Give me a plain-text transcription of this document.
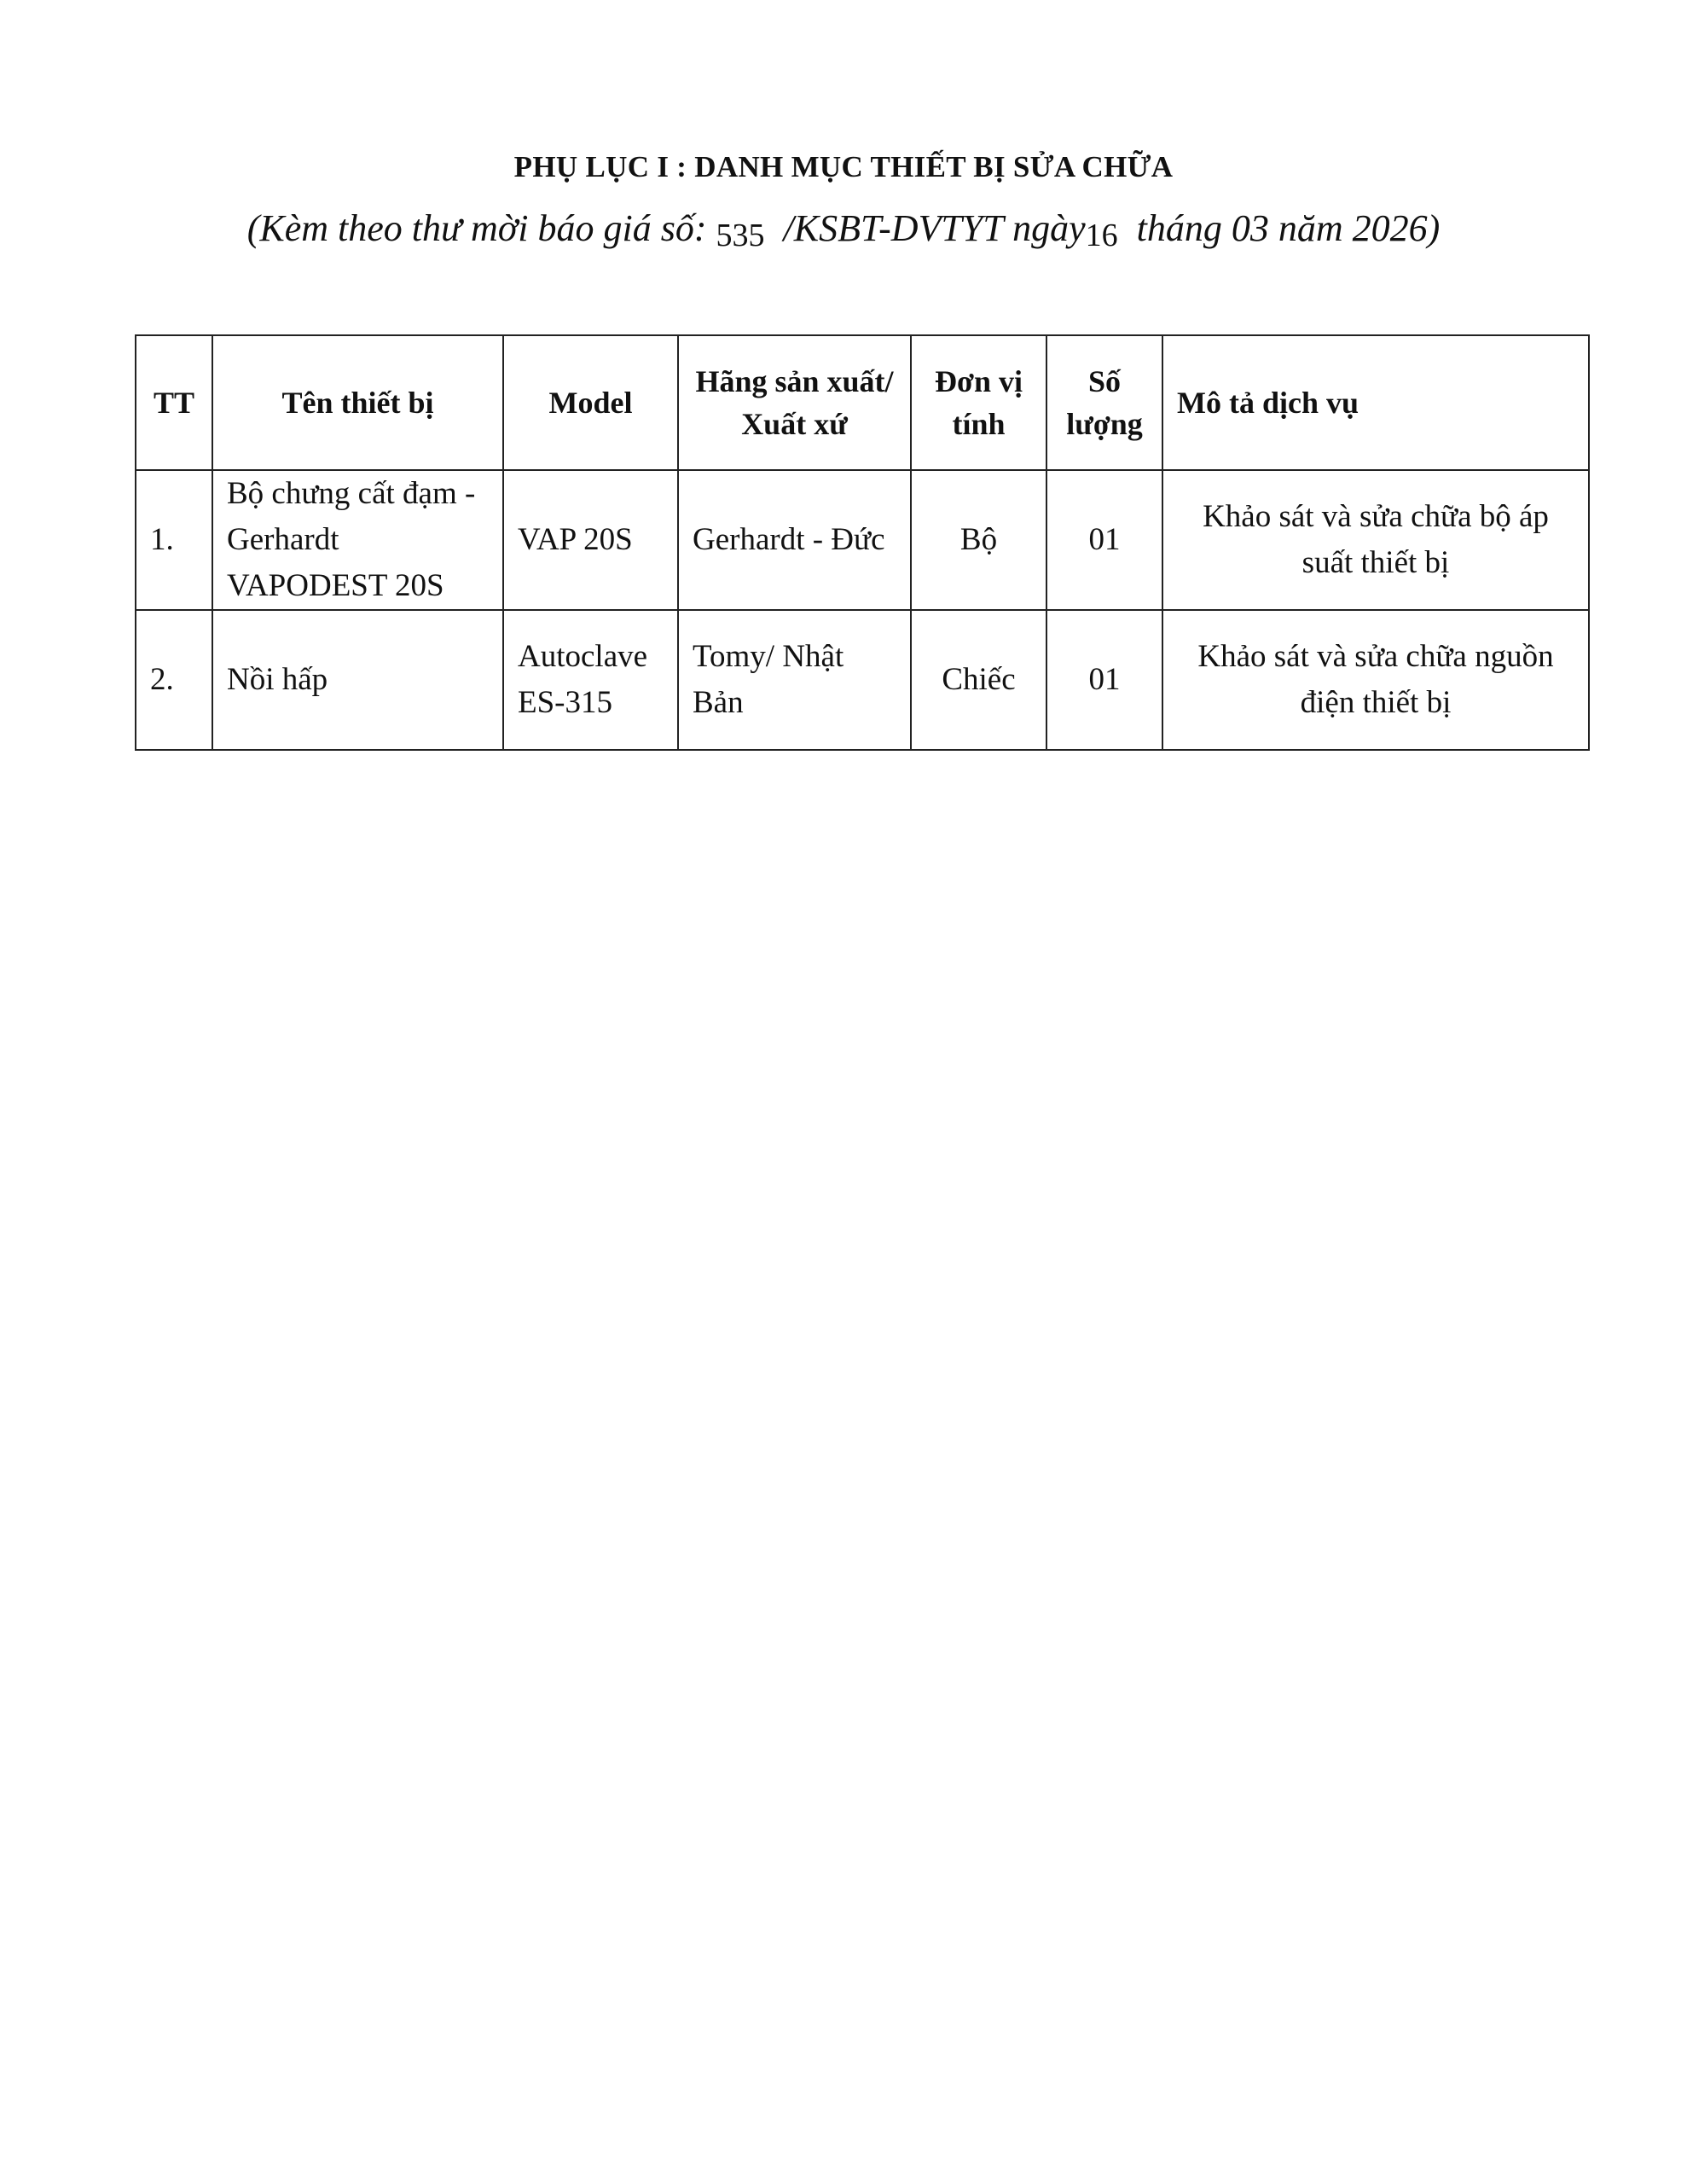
PHỤ LỤC I : DANH MỤC THIẾT BỊ SỬA CHỮA
(Kèm theo thư mời báo giá số: 535  /KSBT-DVTYT ngày16  tháng 03 năm 2026)
TT	Tên thiết bị	Model	Hãng sản xuất/ Xuất xứ	Đơn vị tính	Số lượng	Mô tả dịch vụ
1.	Bộ chưng cất đạm - Gerhardt VAPODEST 20S	VAP 20S	Gerhardt - Đức	Bộ	01	Khảo sát và sửa chữa bộ áp suất thiết bị
2.	Nồi hấp	Autoclave ES-315	Tomy/ Nhật Bản	Chiếc	01	Khảo sát và sửa chữa nguồn điện thiết bị
